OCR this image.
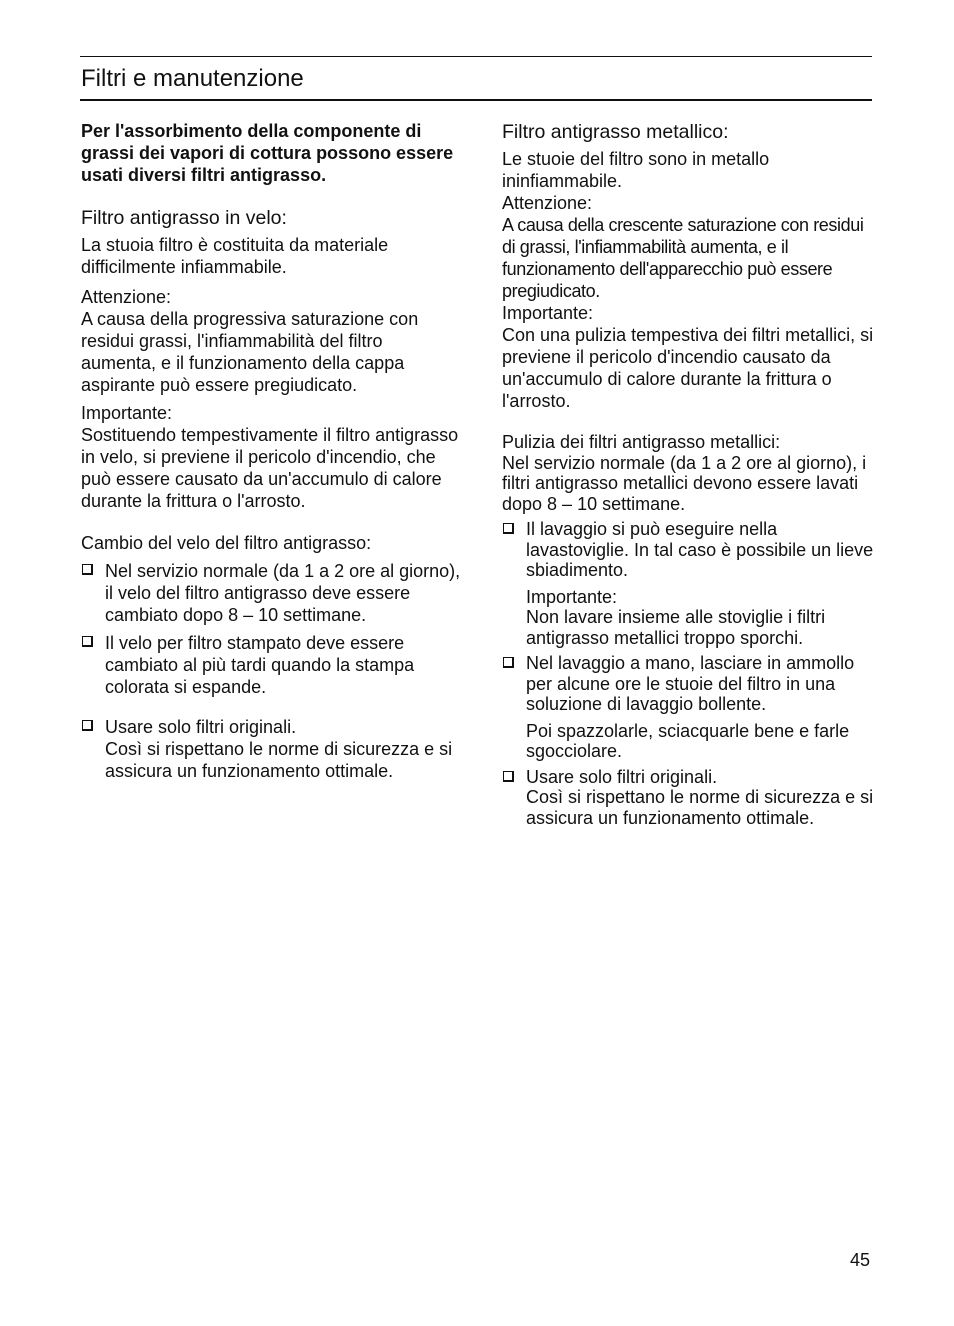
Filtri e manutenzione

Per l'assorbimento della componente di grassi dei vapori di cottura possono essere usati diversi filtri antigrasso.

Filtro antigrasso in velo:

La stuoia filtro è costituita da materiale difficilmente infiammabile.

Attenzione:

A causa della progressiva saturazione con residui grassi, l'infiammabilità del filtro aumenta, e il funzionamento della cappa aspirante può essere pregiudicato.

Importante:

Sostituendo tempestivamente il filtro antigrasso in velo, si previene il pericolo d'incendio, che può essere causato da un'accumulo di calore durante la frittura o l'arrosto.

Cambio del velo del filtro antigrasso:

Nel servizio normale (da 1 a 2 ore al giorno), il velo del filtro antigrasso deve essere cambiato dopo 8 – 10 settimane.

Il velo per filtro stampato deve essere cambiato al più tardi quando la stampa colorata si espande.

Usare solo filtri originali.

Così si rispettano le norme di sicurezza e si assicura un funzionamento ottimale.

Filtro antigrasso metallico:

Le stuoie del filtro sono in metallo ininfiammabile.

Attenzione:

A causa della crescente saturazione con residui di grassi, l'infiammabilità aumenta, e il funzionamento dell'apparecchio può essere pregiudicato.

Importante:

Con una pulizia tempestiva dei filtri metallici, si previene il pericolo d'incendio causato da un'accumulo di calore durante la frittura o l'arrosto.

Pulizia dei filtri antigrasso metallici:

Nel servizio normale (da 1 a 2 ore al giorno), i filtri antigrasso metallici devono essere lavati dopo 8 – 10 settimane.

Il lavaggio si può eseguire nella lavastoviglie. In tal caso è possibile un lieve sbiadimento.

Importante:

Non lavare insieme alle stoviglie i filtri antigrasso metallici troppo sporchi.

Nel lavaggio a mano, lasciare in ammollo per alcune ore le stuoie del filtro in una soluzione di lavaggio bollente.

Poi spazzolarle, sciacquarle bene e farle sgocciolare.

Usare solo filtri originali.

Così si rispettano le norme di sicurezza e si assicura un funzionamento ottimale.

45
